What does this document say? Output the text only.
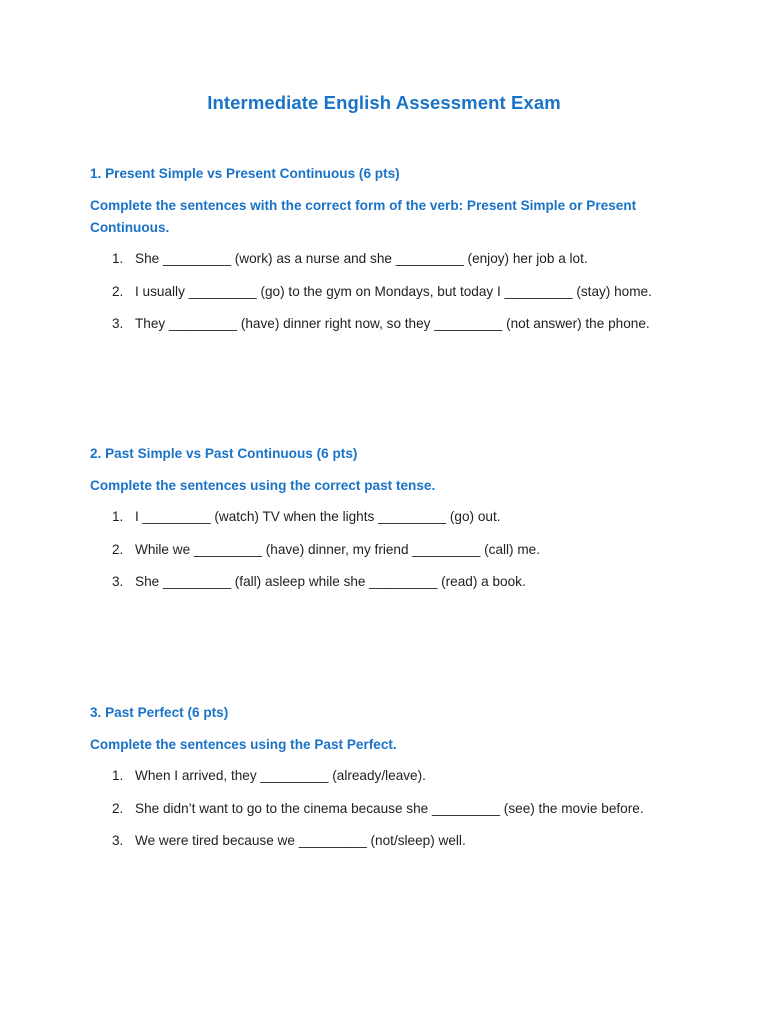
Intermediate English Assessment Exam

1. Present Simple vs Present Continuous (6 pts)

Complete the sentences with the correct form of the verb: Present Simple or Present Continuous.

1. She _________ (work) as a nurse and she _________ (enjoy) her job a lot.
2. I usually _________ (go) to the gym on Mondays, but today I _________ (stay) home.
3. They _________ (have) dinner right now, so they _________ (not answer) the phone.

2. Past Simple vs Past Continuous (6 pts)

Complete the sentences using the correct past tense.

1. I _________ (watch) TV when the lights _________ (go) out.
2. While we _________ (have) dinner, my friend _________ (call) me.
3. She _________ (fall) asleep while she _________ (read) a book.

3. Past Perfect (6 pts)

Complete the sentences using the Past Perfect.

1. When I arrived, they _________ (already/leave).
2. She didn’t want to go to the cinema because she _________ (see) the movie before.
3. We were tired because we _________ (not/sleep) well.
